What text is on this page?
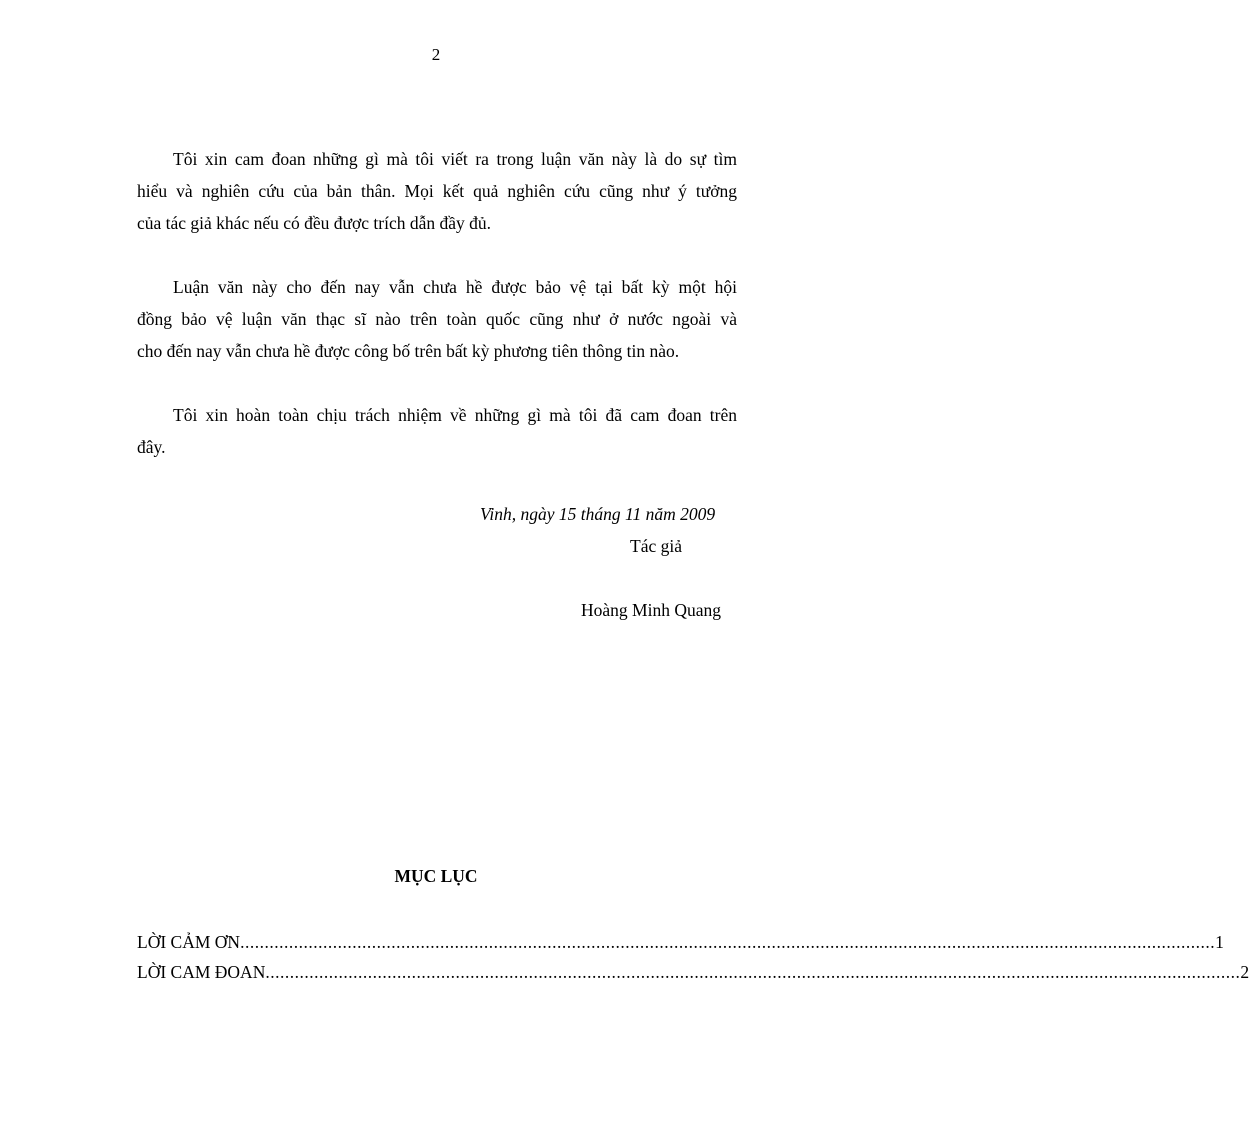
2

Tôi xin cam đoan những gì mà tôi viết ra trong luận văn này là do sự tìm
hiểu và nghiên cứu của bản thân. Mọi kết quả nghiên cứu cũng như ý tưởng
của tác giả khác nếu có đều được trích dẫn đầy đủ.

Luận văn này cho đến nay vẫn chưa hề được bảo vệ tại bất kỳ một hội
đồng bảo vệ luận văn thạc sĩ nào trên toàn quốc cũng như ở nước ngoài và
cho đến nay vẫn chưa hề được công bố trên bất kỳ phương tiên thông tin nào.

Tôi xin hoàn toàn chịu trách nhiệm về những gì mà tôi đã cam đoan trên
đây.

Vinh, ngày 15 tháng 11 năm 2009
Tác giả
Hoàng Minh Quang
MỤC LỤC
LỜI CẢM ƠN ........................................................................................................................................................................................................ 1
LỜI CAM ĐOAN ........................................................................................................................................................................................................ 2
